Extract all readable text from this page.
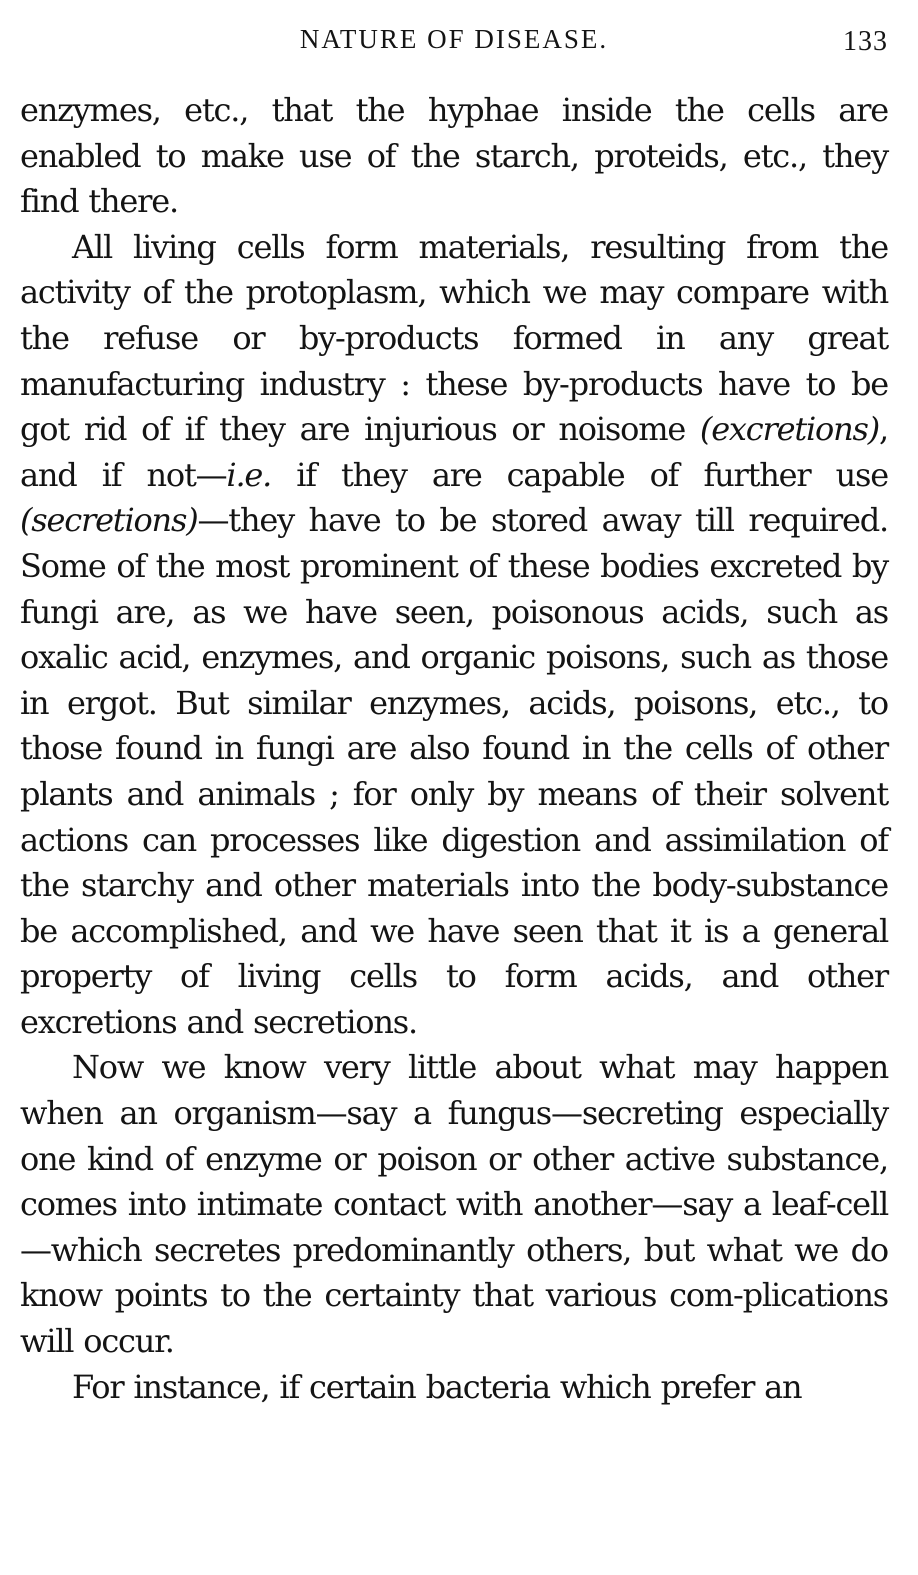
NATURE OF DISEASE.	133

enzymes, etc., that the hyphae inside the cells are enabled to make use of the starch, proteids, etc., they find there.

All living cells form materials, resulting from the activity of the protoplasm, which we may compare with the refuse or by-products formed in any great manufacturing industry : these by-products have to be got rid of if they are injurious or noisome (excretions), and if not—i.e. if they are capable of further use (secretions)—they have to be stored away till required. Some of the most prominent of these bodies excreted by fungi are, as we have seen, poisonous acids, such as oxalic acid, enzymes, and organic poisons, such as those in ergot. But similar enzymes, acids, poisons, etc., to those found in fungi are also found in the cells of other plants and animals ; for only by means of their solvent actions can processes like digestion and assimilation of the starchy and other materials into the body-substance be accomplished, and we have seen that it is a general property of living cells to form acids, and other excretions and secretions.

Now we know very little about what may happen when an organism—say a fungus—secreting especially one kind of enzyme or poison or other active substance, comes into intimate contact with another—say a leaf-cell—which secretes predominantly others, but what we do know points to the certainty that various com-plications will occur.

For instance, if certain bacteria which prefer an
